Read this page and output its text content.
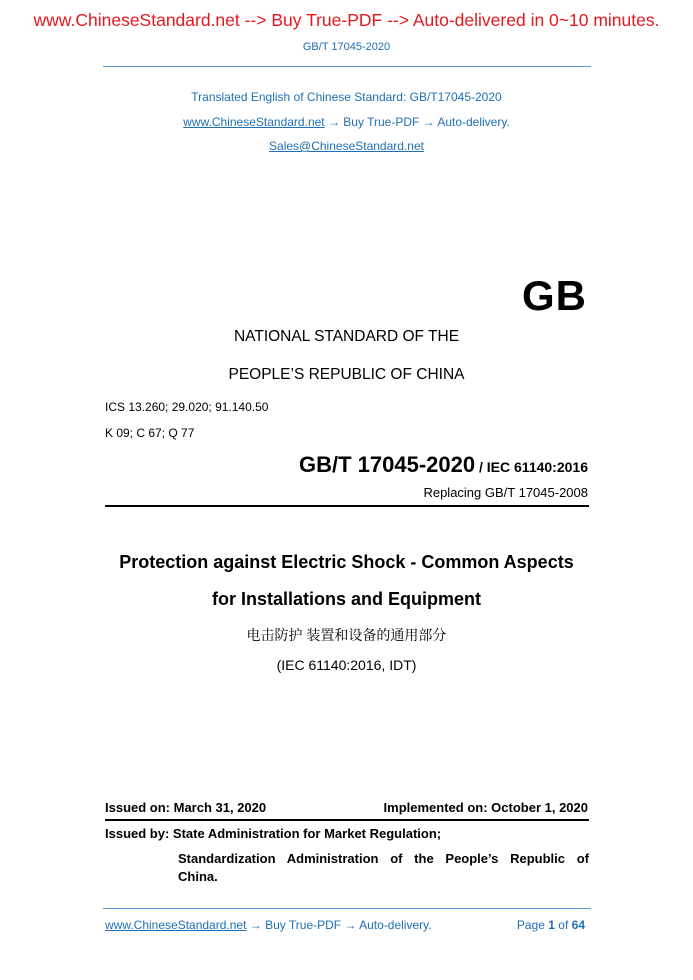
www.ChineseStandard.net --> Buy True-PDF --> Auto-delivered in 0~10 minutes.
GB/T 17045-2020
Translated English of Chinese Standard: GB/T17045-2020
www.ChineseStandard.net → Buy True-PDF → Auto-delivery.
Sales@ChineseStandard.net
GB
NATIONAL STANDARD OF THE
PEOPLE’S REPUBLIC OF CHINA
ICS 13.260; 29.020; 91.140.50
K 09; C 67; Q 77
GB/T 17045-2020 / IEC 61140:2016
Replacing GB/T 17045-2008
Protection against Electric Shock - Common Aspects
for Installations and Equipment
电击防护 装置和设备的通用部分
(IEC 61140:2016, IDT)
Issued on: March 31, 2020	Implemented on: October 1, 2020
Issued by: State Administration for Market Regulation;
Standardization Administration of the People’s Republic of
China.
www.ChineseStandard.net → Buy True-PDF → Auto-delivery.	Page 1 of 64
